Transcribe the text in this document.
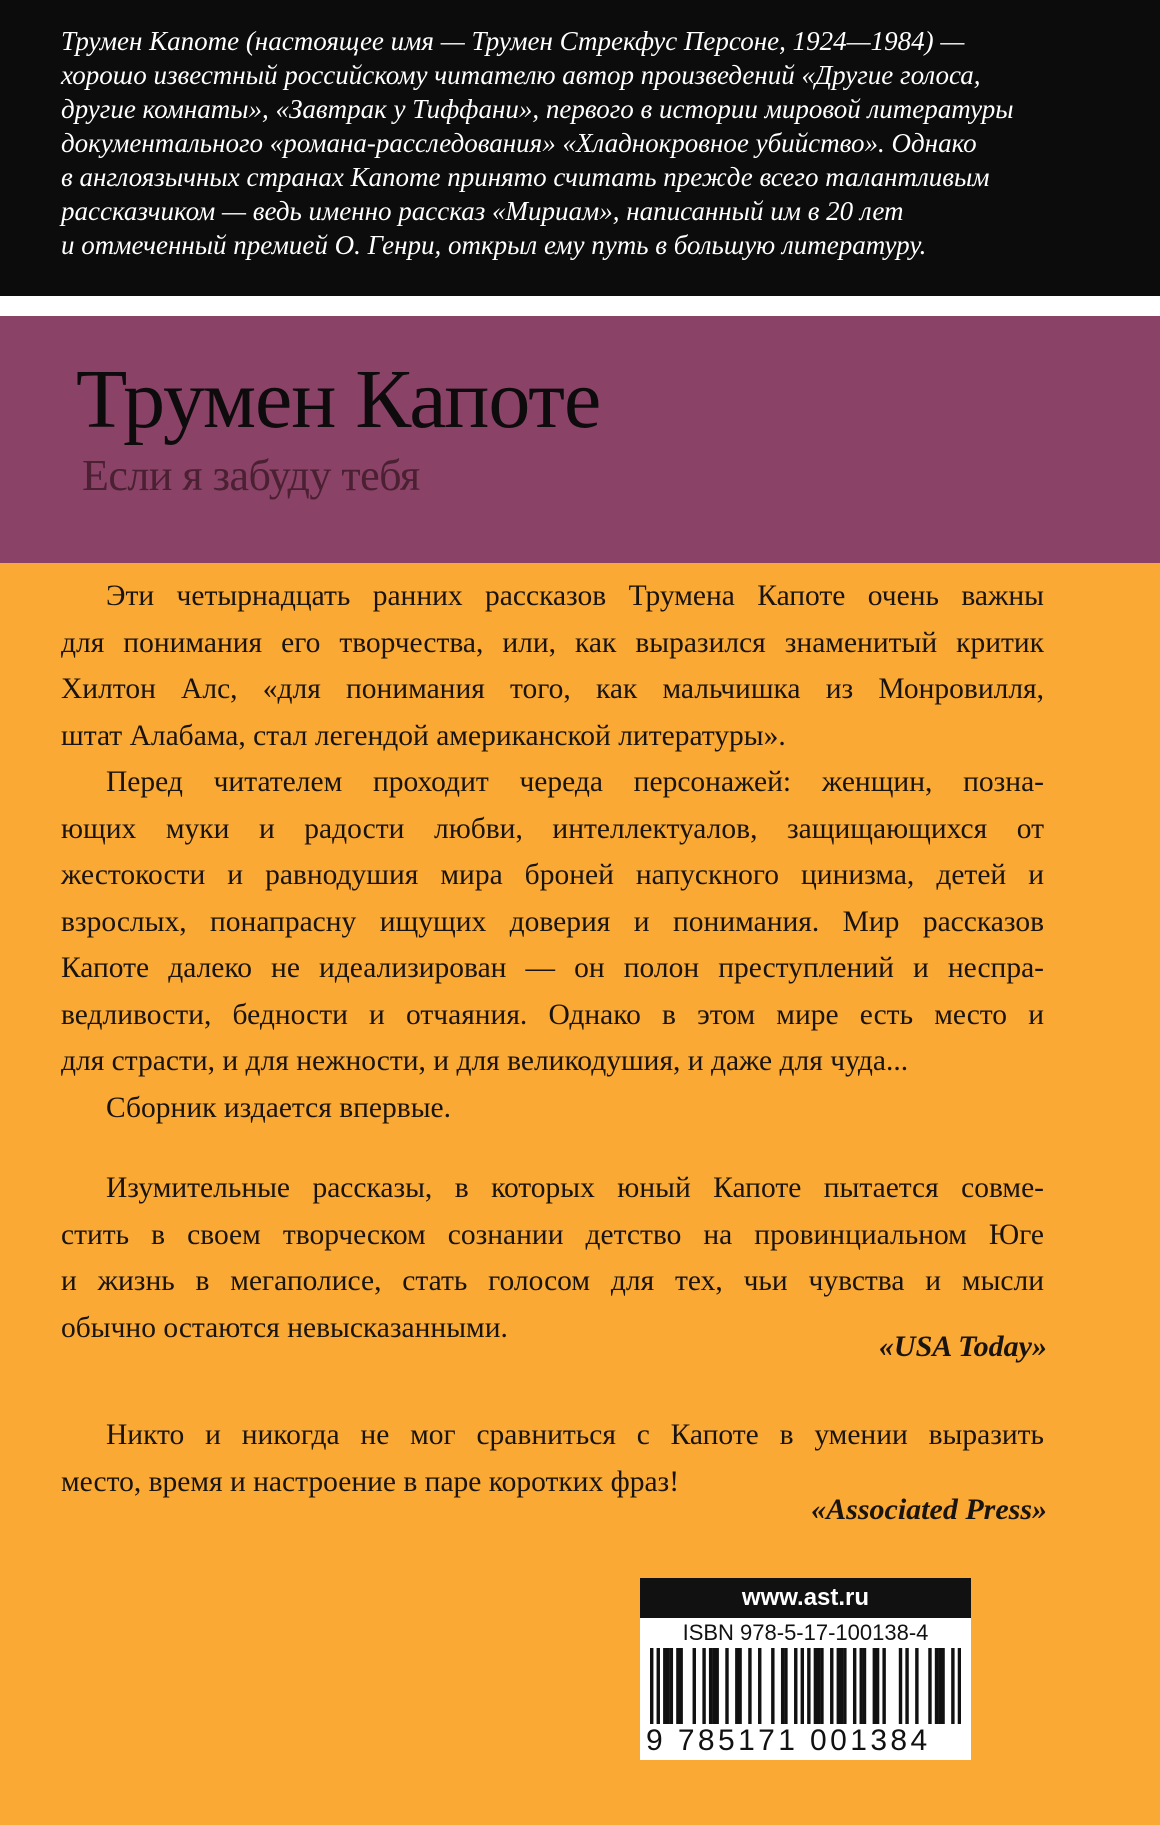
Трумен Капоте (настоящее имя — Трумен Стрекфус Персоне, 1924—1984) —
хорошо известный российскому читателю автор произведений «Другие голоса,
другие комнаты», «Завтрак у Тиффани», первого в истории мировой литературы
документального «романа-расследования» «Хладнокровное убийство». Однако
в англоязычных странах Капоте принято считать прежде всего талантливым
рассказчиком — ведь именно рассказ «Мириам», написанный им в 20 лет
и отмеченный премией О. Генри, открыл ему путь в большую литературу.

Трумен Капоте
Если я забуду тебя

Эти четырнадцать ранних рассказов Трумена Капоте очень важны
для понимания его творчества, или, как выразился знаменитый критик
Хилтон Алс, «для понимания того, как мальчишка из Монровилля,
штат Алабама, стал легендой американской литературы».

Перед читателем проходит череда персонажей: женщин, позна-
ющих муки и радости любви, интеллектуалов, защищающихся от
жестокости и равнодушия мира броней напускного цинизма, детей и
взрослых, понапрасну ищущих доверия и понимания. Мир рассказов
Капоте далеко не идеализирован — он полон преступлений и неспра-
ведливости, бедности и отчаяния. Однако в этом мире есть место и
для страсти, и для нежности, и для великодушия, и даже для чуда...

Сборник издается впервые.

Изумительные рассказы, в которых юный Капоте пытается совме-
стить в своем творческом сознании детство на провинциальном Юге
и жизнь в мегаполисе, стать голосом для тех, чьи чувства и мысли
обычно остаются невысказанными.

«USA Today»

Никто и никогда не мог сравниться с Капоте в умении выразить
место, время и настроение в паре коротких фраз!

«Associated Press»
www.ast.ru
ISBN 978-5-17-100138-4
9 785171 001384
